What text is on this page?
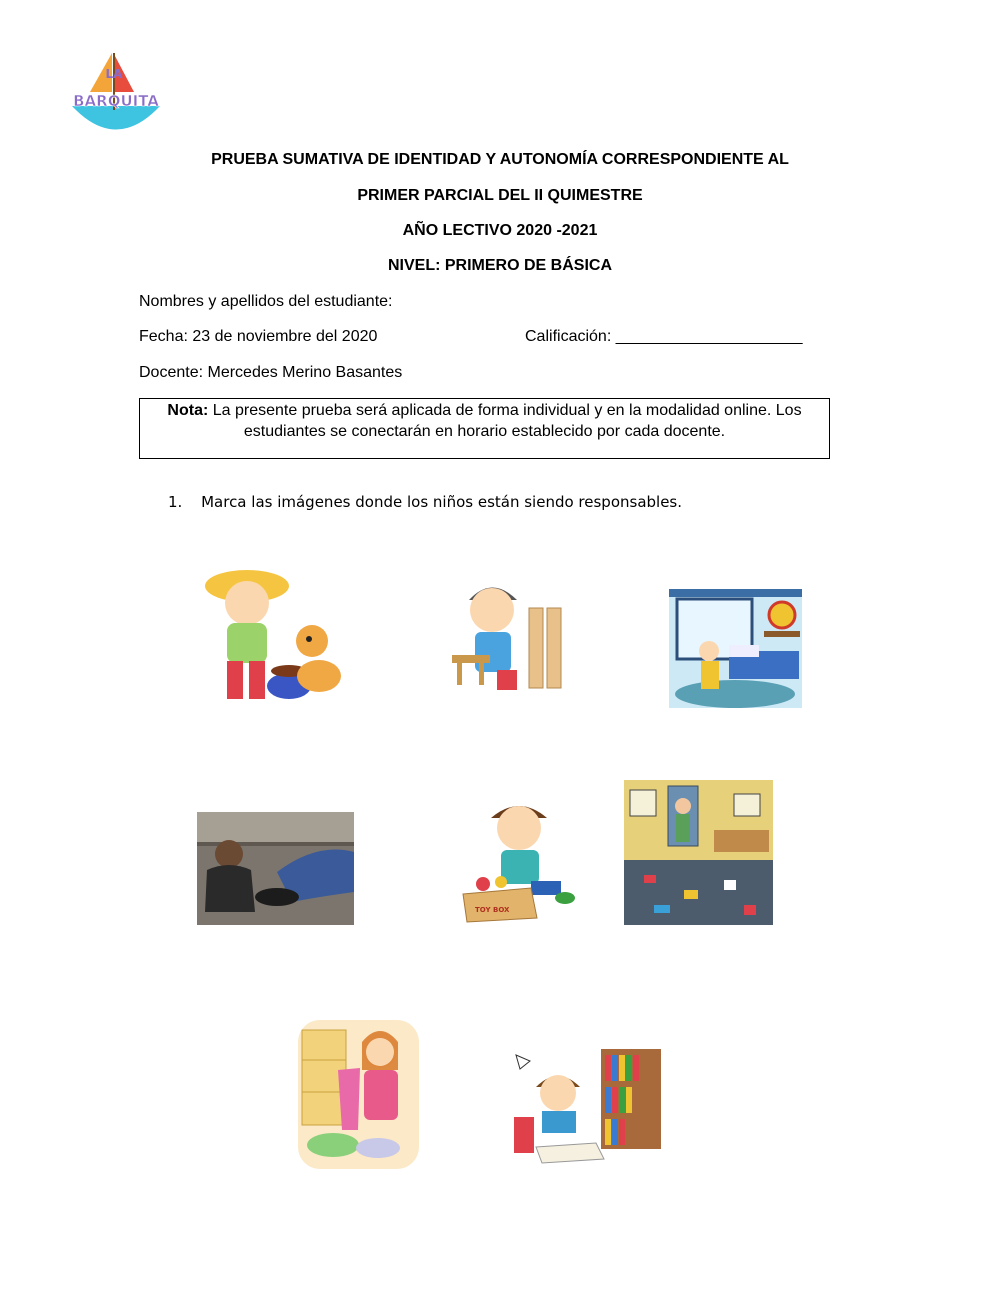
LA
BARQUITA
PRUEBA SUMATIVA DE IDENTIDAD Y AUTONOMÍA CORRESPONDIENTE AL
PRIMER PARCIAL DEL II QUIMESTRE
AÑO LECTIVO 2020 -2021
NIVEL: PRIMERO DE BÁSICA
Nombres y apellidos del estudiante:
Fecha: 23 de noviembre del 2020	Calificación: _____________________
Docente: Mercedes Merino Basantes
Nota: La presente prueba será aplicada de forma individual y en la modalidad online. Los estudiantes se conectarán en horario establecido por cada docente.
1. Marca las imágenes donde los niños están siendo responsables.
TOY BOX
